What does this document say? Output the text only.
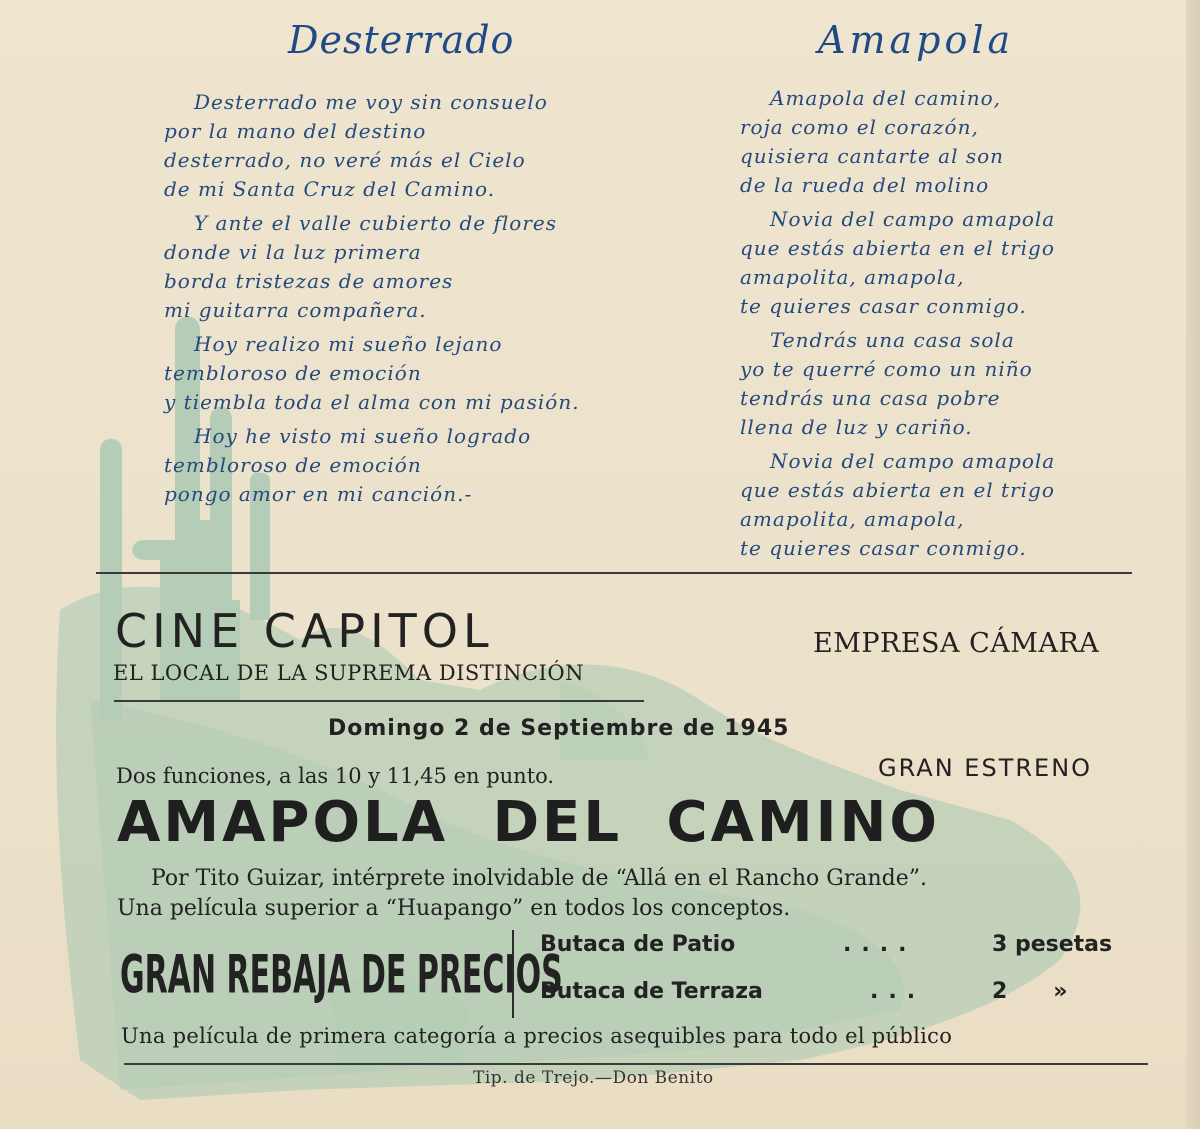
Desterrado	Amapola
Desterrado me voy sin consuelo
por la mano del destino
desterrado, no veré más el Cielo
de mi Santa Cruz del Camino.
Y ante el valle cubierto de flores
donde vi la luz primera
borda tristezas de amores
mi guitarra compañera.
Hoy realizo mi sueño lejano
tembloroso de emoción
y tiembla toda el alma con mi pasión.
Hoy he visto mi sueño logrado
tembloroso de emoción
pongo amor en mi canción.-
Amapola del camino,
roja como el corazón,
quisiera cantarte al son
de la rueda del molino
Novia del campo amapola
que estás abierta en el trigo
amapolita, amapola,
te quieres casar conmigo.
Tendrás una casa sola
yo te querré como un niño
tendrás una casa pobre
llena de luz y cariño.
Novia del campo amapola
que estás abierta en el trigo
amapolita, amapola,
te quieres casar conmigo.
CINE CAPITOL
EL LOCAL DE LA SUPREMA DISTINCIÓN
EMPRESA CÁMARA
Domingo 2 de Septiembre de 1945
Dos funciones, a las 10 y 11,45 en punto.	GRAN ESTRENO
AMAPOLA DEL CAMINO
Por Tito Guizar, intérprete inolvidable de “Allá en el Rancho Grande”.
Una película superior a “Huapango” en todos los conceptos.
GRAN REBAJA DE PRECIOS
Butaca de Patio	....	3 pesetas
Butaca de Terraza	...	2      »
Una película de primera categoría a precios asequibles para todo el público
Tip. de Trejo.—Don Benito
